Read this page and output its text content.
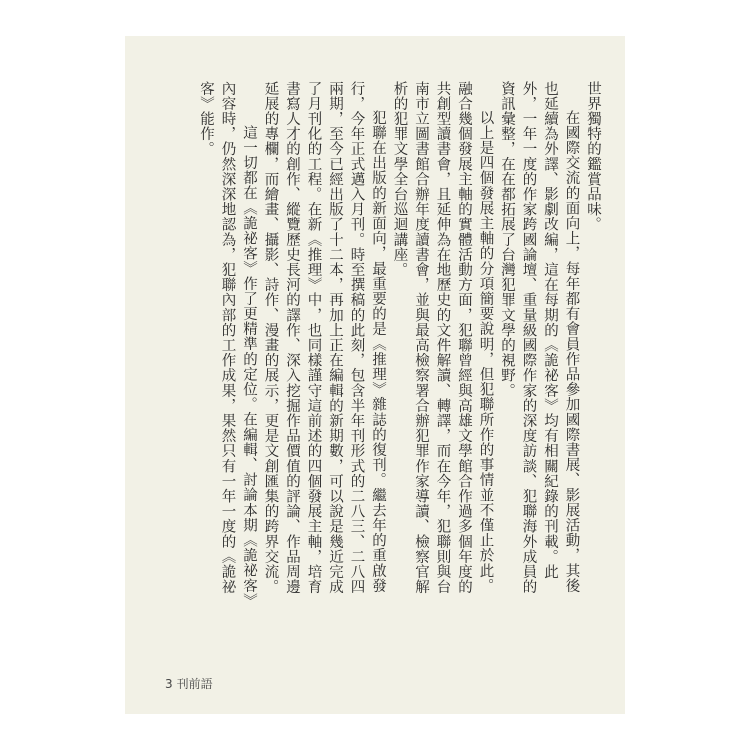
世界獨特的鑑賞品味。

在國際交流的面向上，每年都有會員作品參加國際書展、影展活動，其後也延續為外譯、影劇改編，這在每期的《詭祕客》均有相關紀錄的刊載。此外，一年一度的作家跨國論壇、重量級國際作家的深度訪談、犯聯海外成員的資訊彙整，在在都拓展了台灣犯罪文學的視野。

以上是四個發展主軸的分項簡要說明，但犯聯所作的事情並不僅止於此。融合幾個發展主軸的實體活動方面，犯聯曾經與高雄文學館合作過多個年度的共創型讀書會，且延伸為在地歷史的文件解讀、轉譯，而在今年，犯聯則與台南市立圖書館合辦年度讀書會，並與最高檢察署合辦犯罪作家導讀、檢察官解析的犯罪文學全台巡迴講座。

犯聯在出版的新面向，最重要的是《推理》雜誌的復刊。繼去年的重啟發行，今年正式邁入月刊。時至撰稿的此刻，包含半年刊形式的二八三、二八四兩期，至今已經出版了十二本，再加上正在編輯的新期數，可以說是幾近完成了月刊化的工程。在新《推理》中，也同樣謹守這前述的四個發展主軸，培育書寫人才的創作、縱覽歷史長河的譯作、深入挖掘作品價值的評論、作品周邊延展的專欄，而繪畫、攝影、詩作、漫畫的展示，更是文創匯集的跨界交流。

這一切都在《詭祕客》作了更精準的定位。在編輯、討論本期《詭祕客》內容時，仍然深深地認為，犯聯內部的工作成果，果然只有一年一度的《詭祕客》能作。

3 刊前語
